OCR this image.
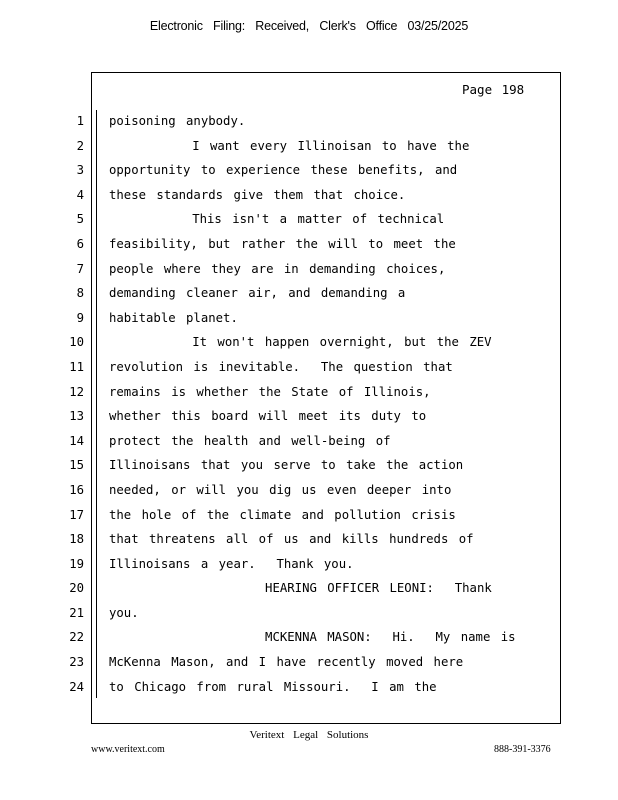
Electronic Filing: Received, Clerk's Office 03/25/2025
Page 198
1
2
3
4
5
6
7
8
9
10
11
12
13
14
15
16
17
18
19
20
21
22
23
24
poisoning anybody.
I want every Illinoisan to have the
opportunity to experience these benefits, and
these standards give them that choice.
This isn't a matter of technical
feasibility, but rather the will to meet the
people where they are in demanding choices,
demanding cleaner air, and demanding a
habitable planet.
It won't happen overnight, but the ZEV
revolution is inevitable.  The question that
remains is whether the State of Illinois,
whether this board will meet its duty to
protect the health and well-being of
Illinoisans that you serve to take the action
needed, or will you dig us even deeper into
the hole of the climate and pollution crisis
that threatens all of us and kills hundreds of
Illinoisans a year.  Thank you.
HEARING OFFICER LEONI:  Thank
you.
MCKENNA MASON:  Hi.  My name is
McKenna Mason, and I have recently moved here
to Chicago from rural Missouri.  I am the
Veritext Legal Solutions
www.veritext.com	888-391-3376
